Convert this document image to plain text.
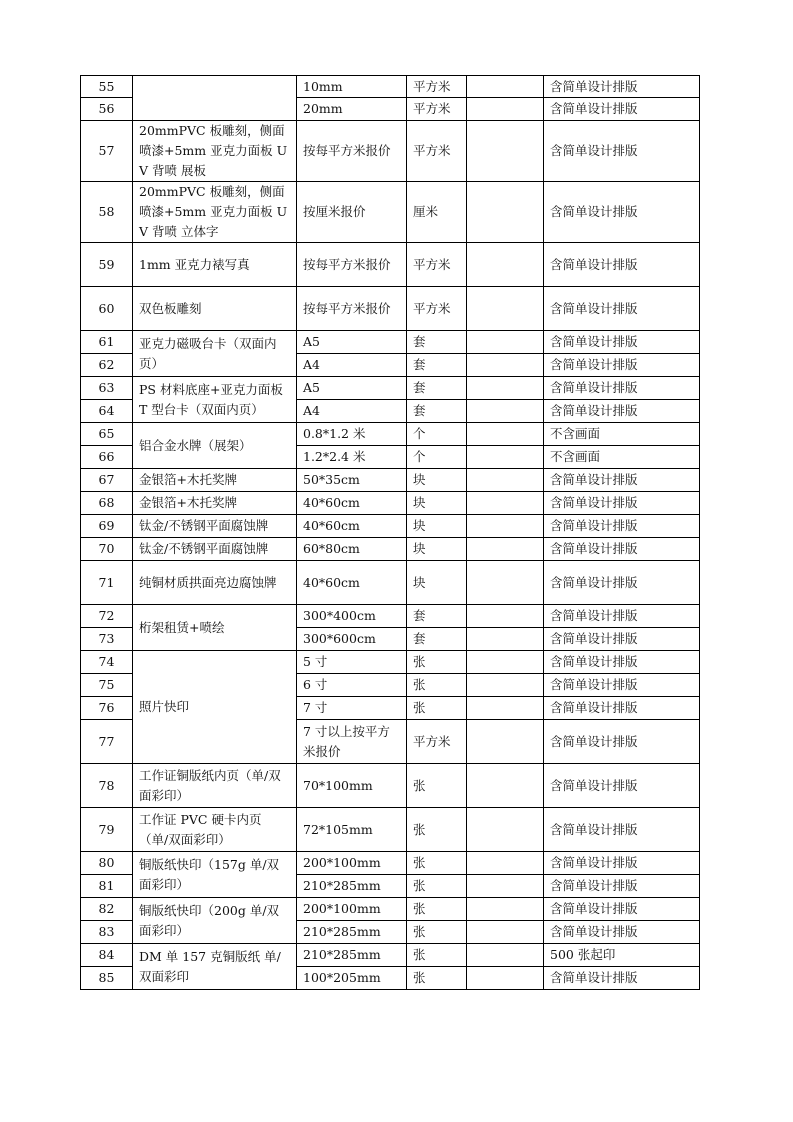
55		10mm	平方米		含简单设计排版
56		20mm	平方米		含简单设计排版
57	20mmPVC 板雕刻，侧面喷漆+5mm 亚克力面板 UV 背喷 展板	按每平方米报价	平方米		含简单设计排版
58	20mmPVC 板雕刻，侧面喷漆+5mm 亚克力面板 UV 背喷 立体字	按厘米报价	厘米		含简单设计排版
59	1mm 亚克力裱写真	按每平方米报价	平方米		含简单设计排版
60	双色板雕刻	按每平方米报价	平方米		含简单设计排版
61	亚克力磁吸台卡（双面内页）	A5	套		含简单设计排版
62		A4	套		含简单设计排版
63	PS 材料底座+亚克力面板 T 型台卡（双面内页）	A5	套		含简单设计排版
64		A4	套		含简单设计排版
65	铝合金水牌（展架）	0.8*1.2 米	个		不含画面
66		1.2*2.4 米	个		不含画面
67	金银箔+木托奖牌	50*35cm	块		含简单设计排版
68	金银箔+木托奖牌	40*60cm	块		含简单设计排版
69	钛金/不锈钢平面腐蚀牌	40*60cm	块		含简单设计排版
70	钛金/不锈钢平面腐蚀牌	60*80cm	块		含简单设计排版
71	纯铜材质拱面亮边腐蚀牌	40*60cm	块		含简单设计排版
72	桁架租赁+喷绘	300*400cm	套		含简单设计排版
73		300*600cm	套		含简单设计排版
74	照片快印	5 寸	张		含简单设计排版
75		6 寸	张		含简单设计排版
76		7 寸	张		含简单设计排版
77		7 寸以上按平方米报价	平方米		含简单设计排版
78	工作证铜版纸内页（单/双面彩印）	70*100mm	张		含简单设计排版
79	工作证 PVC 硬卡内页（单/双面彩印）	72*105mm	张		含简单设计排版
80	铜版纸快印（157g 单/双面彩印）	200*100mm	张		含简单设计排版
81		210*285mm	张		含简单设计排版
82	铜版纸快印（200g 单/双面彩印）	200*100mm	张		含简单设计排版
83		210*285mm	张		含简单设计排版
84	DM 单 157 克铜版纸 单/双面彩印	210*285mm	张		500 张起印
85		100*205mm	张		含简单设计排版
